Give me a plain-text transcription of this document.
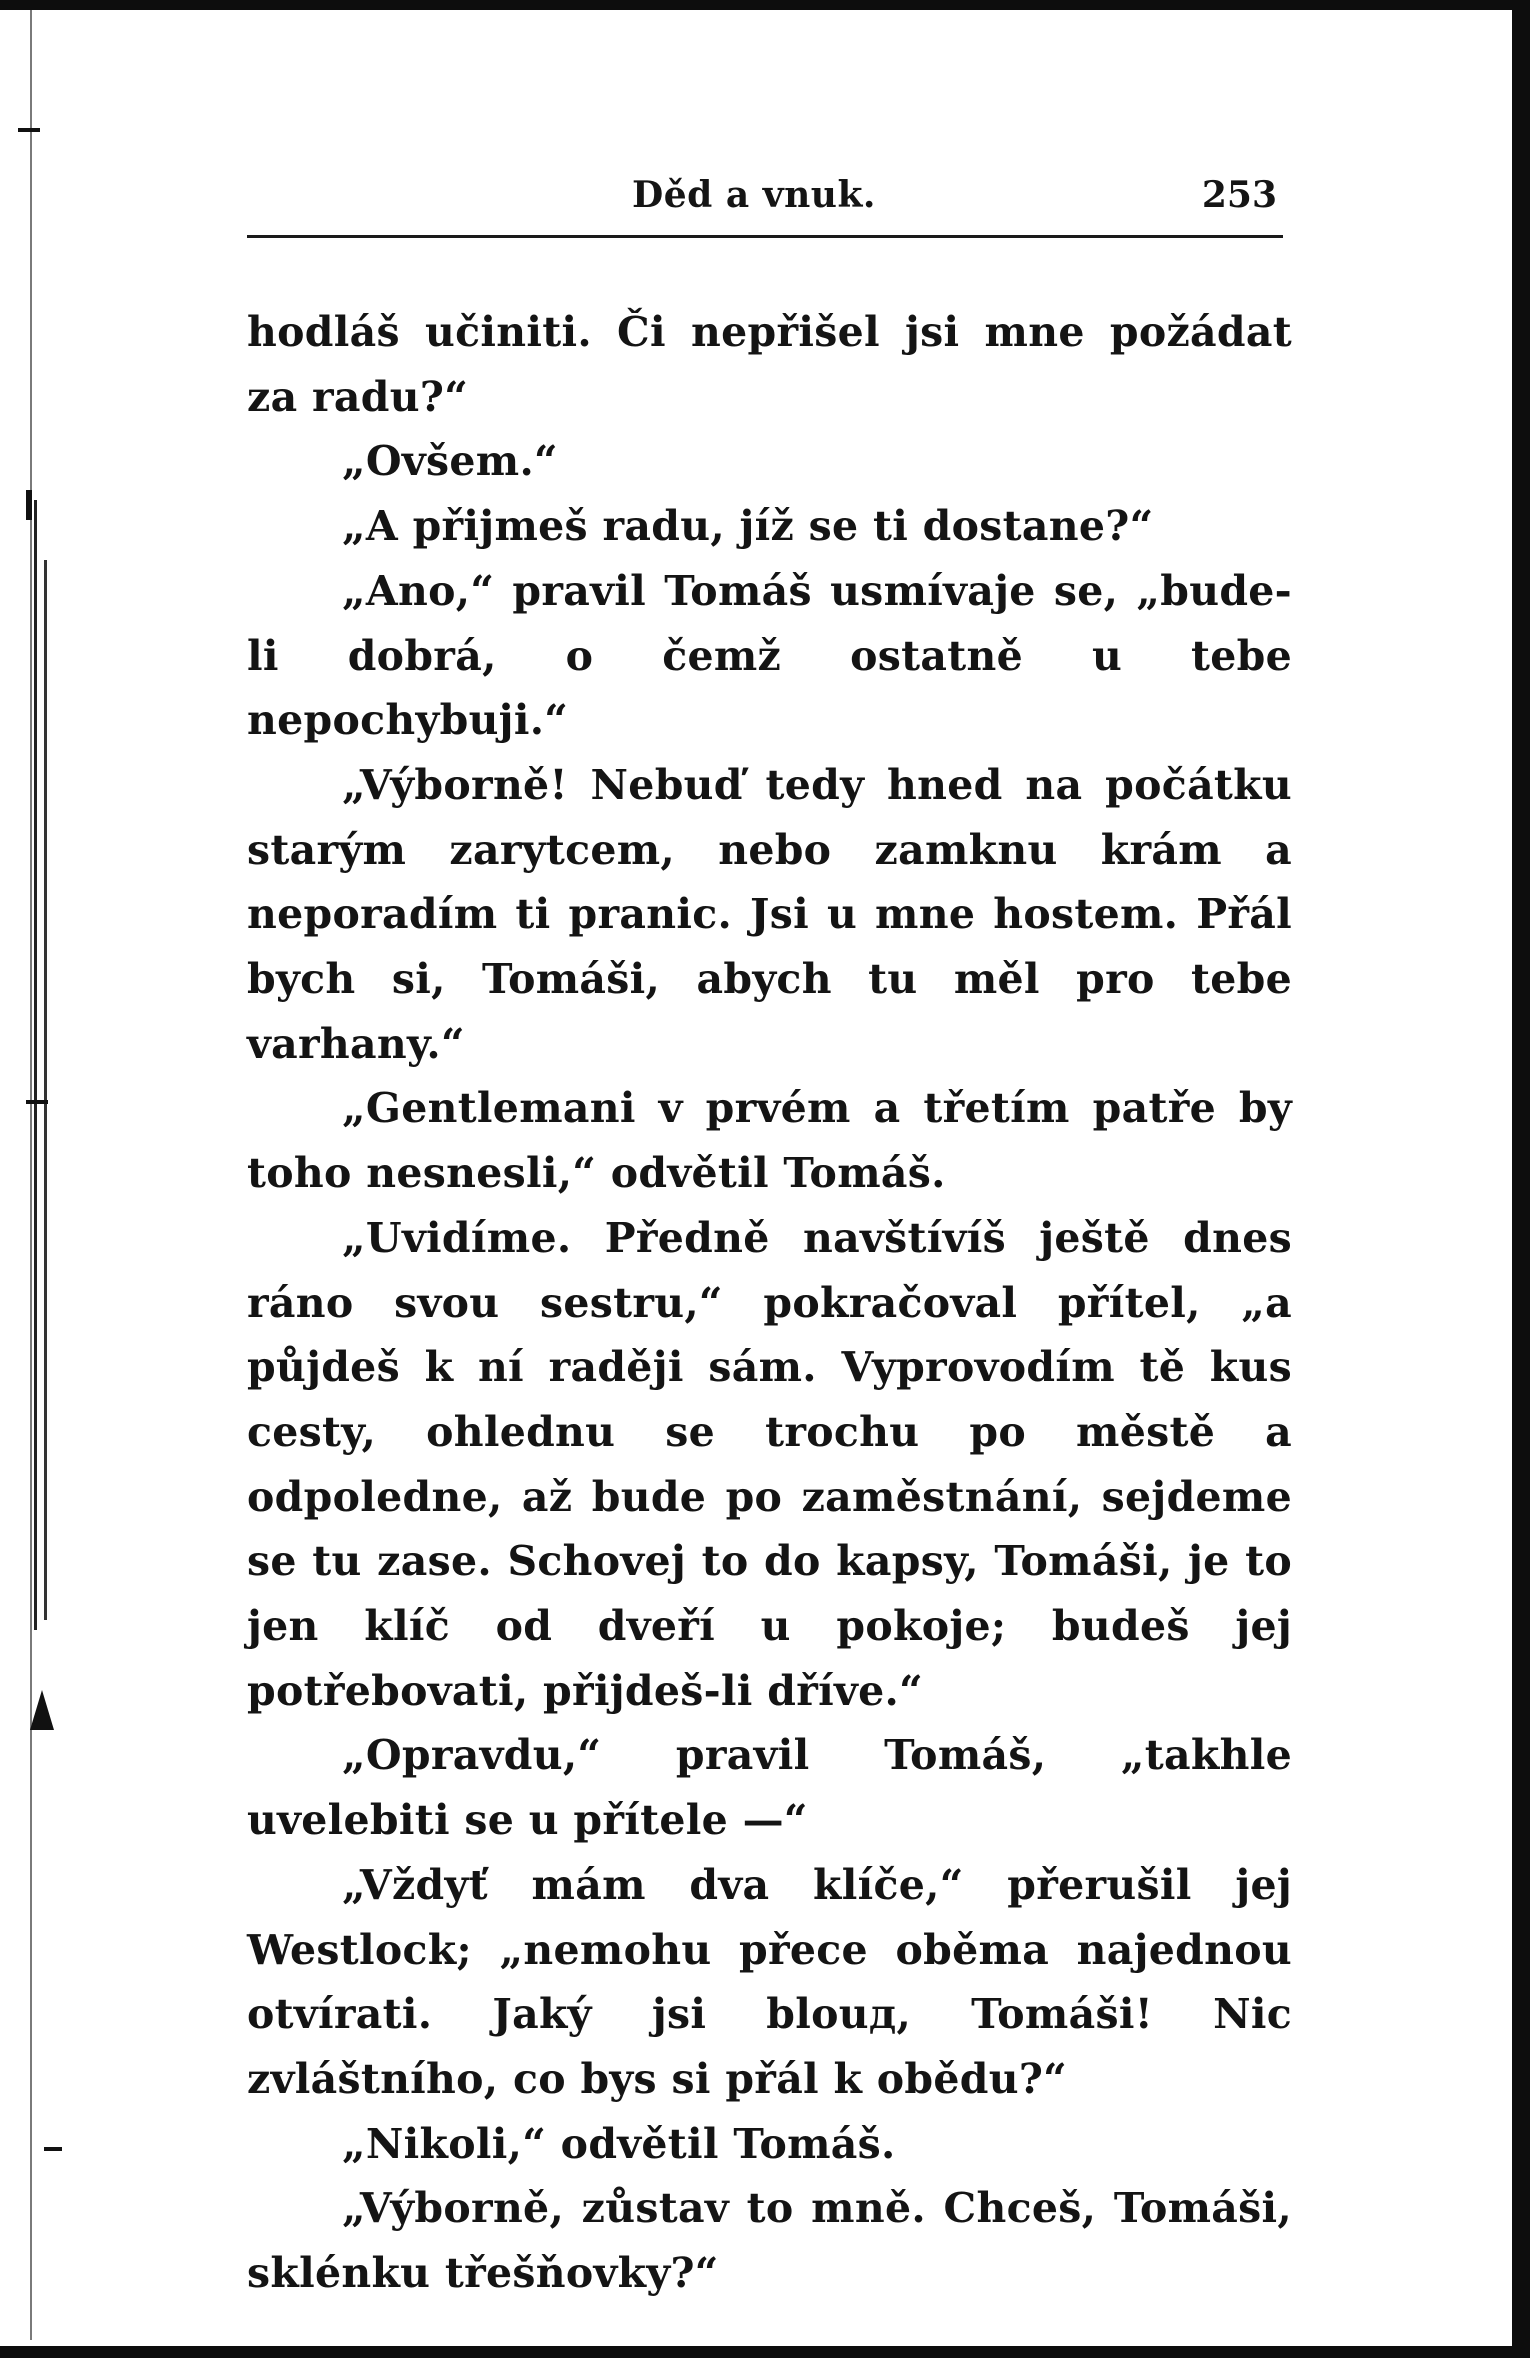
Děd a vnuk.	253

hodláš učiniti. Či nepřišel jsi mne požádat za radu?“

„Ovšem.“

„A přijmeš radu, jíž se ti dostane?“

„Ano,“ pravil Tomáš usmívaje se, „bude-li dobrá, o čemž ostatně u tebe nepochybuji.“

„Výborně! Nebuď tedy hned na počátku starým zarytcem, nebo zamknu krám a neporadím ti pranic. Jsi u mne hostem. Přál bych si, Tomáši, abych tu měl pro tebe varhany.“

„Gentlemani v prvém a třetím patře by toho nesnesli,“ odvětil Tomáš.

„Uvidíme. Předně navštívíš ještě dnes ráno svou sestru,“ pokračoval přítel, „a půjdeš k ní raději sám. Vyprovodím tě kus cesty, ohlednu se trochu po městě a odpoledne, až bude po zaměstnání, sejdeme se tu zase. Schovej to do kapsy, Tomáši, je to jen klíč od dveří u pokoje; budeš jej potřebovati, přijdeš-li dříve.“

„Opravdu,“ pravil Tomáš, „takhle uvelebiti se u přítele —“

„Vždyť mám dva klíče,“ přerušil jej Westlock; „nemohu přece oběma najednou otvírati. Jaký jsi blouд, Tomáši! Nic zvláštního, co bys si přál k obědu?“

„Nikoli,“ odvětil Tomáš.

„Výborně, zůstav to mně. Chceš, Tomáši, sklénku třešňovky?“
